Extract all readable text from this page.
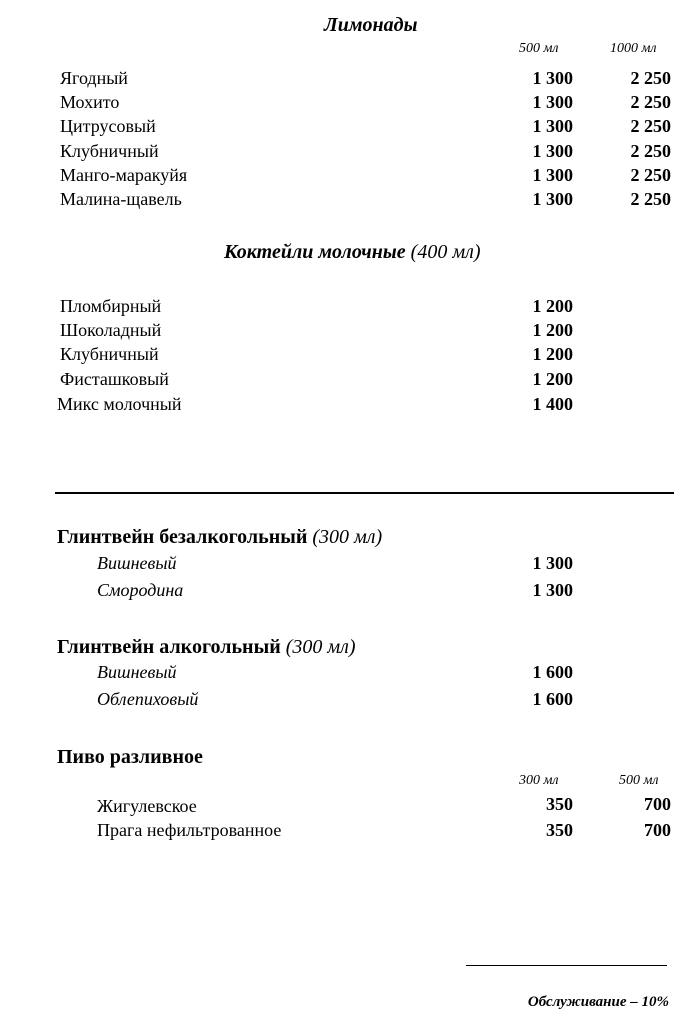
Лимонады
500 мл	1000 мл
Ягодный	1 300	2 250
Мохито	1 300	2 250
Цитрусовый	1 300	2 250
Клубничный	1 300	2 250
Манго-маракуйя	1 300	2 250
Малина-щавель	1 300	2 250
Коктейли молочные (400 мл)
Пломбирный	1 200
Шоколадный	1 200
Клубничный	1 200
Фисташковый	1 200
Микс молочный	1 400
Глинтвейн безалкогольный (300 мл)
Вишневый	1 300
Смородина	1 300
Глинтвейн алкогольный (300 мл)
Вишневый	1 600
Облепиховый	1 600
Пиво разливное
300 мл	500 мл
Жигулевское	350	700
Прага нефильтрованное	350	700
Обслуживание – 10%
